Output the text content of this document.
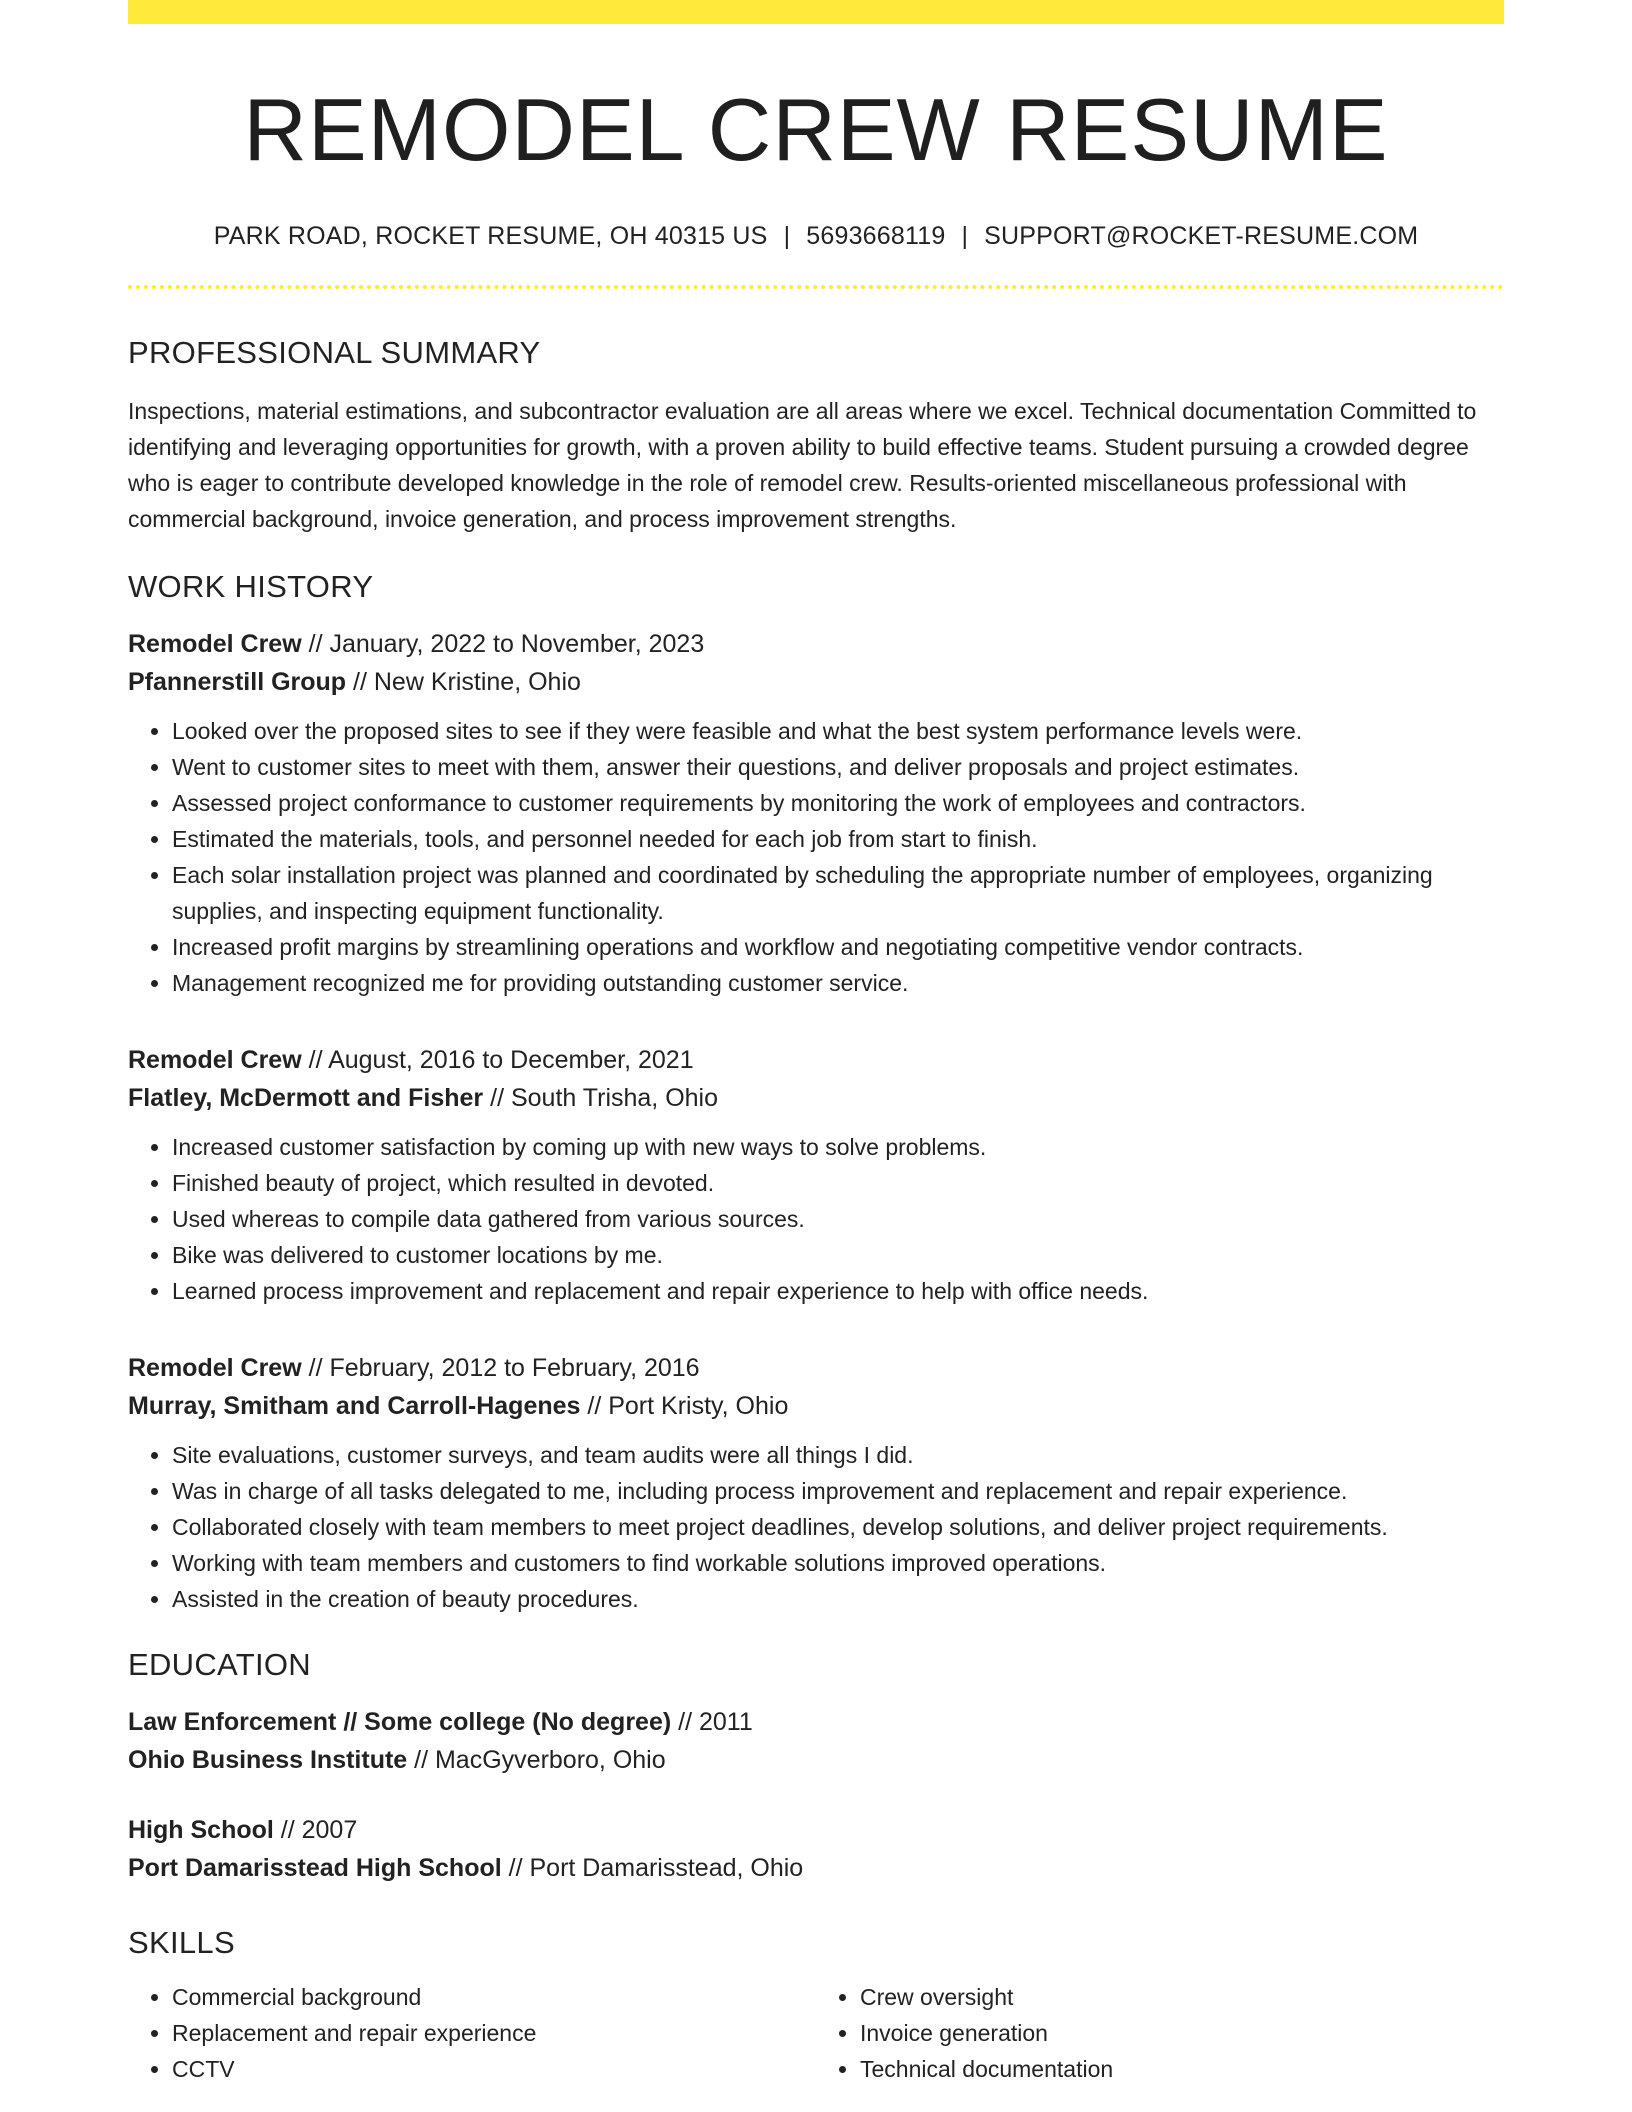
REMODEL CREW RESUME
PARK ROAD, ROCKET RESUME, OH 40315 US | 5693668119 | SUPPORT@ROCKET-RESUME.COM
PROFESSIONAL SUMMARY
Inspections, material estimations, and subcontractor evaluation are all areas where we excel. Technical documentation Committed to identifying and leveraging opportunities for growth, with a proven ability to build effective teams. Student pursuing a crowded degree who is eager to contribute developed knowledge in the role of remodel crew. Results-oriented miscellaneous professional with commercial background, invoice generation, and process improvement strengths.
WORK HISTORY
Remodel Crew // January, 2022 to November, 2023
Pfannerstill Group // New Kristine, Ohio
• Looked over the proposed sites to see if they were feasible and what the best system performance levels were.
• Went to customer sites to meet with them, answer their questions, and deliver proposals and project estimates.
• Assessed project conformance to customer requirements by monitoring the work of employees and contractors.
• Estimated the materials, tools, and personnel needed for each job from start to finish.
• Each solar installation project was planned and coordinated by scheduling the appropriate number of employees, organizing supplies, and inspecting equipment functionality.
• Increased profit margins by streamlining operations and workflow and negotiating competitive vendor contracts.
• Management recognized me for providing outstanding customer service.
Remodel Crew // August, 2016 to December, 2021
Flatley, McDermott and Fisher // South Trisha, Ohio
• Increased customer satisfaction by coming up with new ways to solve problems.
• Finished beauty of project, which resulted in devoted.
• Used whereas to compile data gathered from various sources.
• Bike was delivered to customer locations by me.
• Learned process improvement and replacement and repair experience to help with office needs.
Remodel Crew // February, 2012 to February, 2016
Murray, Smitham and Carroll-Hagenes // Port Kristy, Ohio
• Site evaluations, customer surveys, and team audits were all things I did.
• Was in charge of all tasks delegated to me, including process improvement and replacement and repair experience.
• Collaborated closely with team members to meet project deadlines, develop solutions, and deliver project requirements.
• Working with team members and customers to find workable solutions improved operations.
• Assisted in the creation of beauty procedures.
EDUCATION
Law Enforcement // Some college (No degree) // 2011
Ohio Business Institute // MacGyverboro, Ohio
High School // 2007
Port Damarisstead High School // Port Damarisstead, Ohio
SKILLS
• Commercial background
• Replacement and repair experience
• CCTV
• Crew oversight
• Invoice generation
• Technical documentation
